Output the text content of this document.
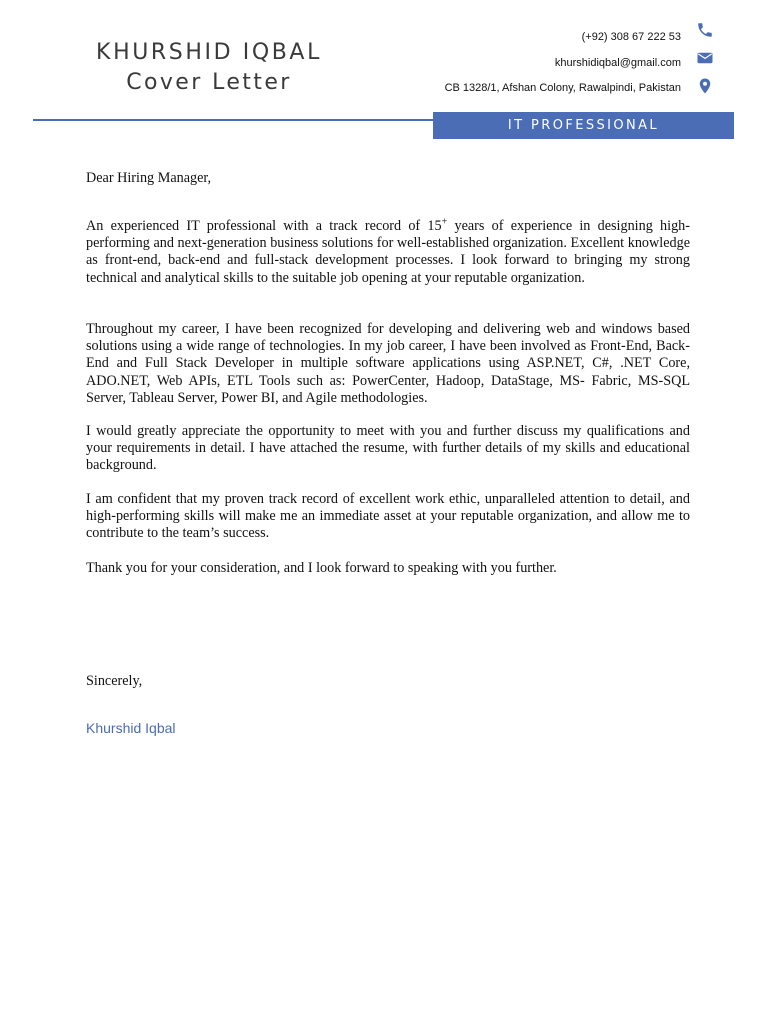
KHURSHID IQBAL
Cover Letter
(+92) 308 67 222 53
khurshidiqbal@gmail.com
CB 1328/1, Afshan Colony, Rawalpindi, Pakistan
IT PROFESSIONAL

Dear Hiring Manager,

An experienced IT professional with a track record of 15+ years of experience in designing high-performing and next-generation business solutions for well-established organization. Excellent knowledge as front-end, back-end and full-stack development processes. I look forward to bringing my strong technical and analytical skills to the suitable job opening at your reputable organization.

Throughout my career, I have been recognized for developing and delivering web and windows based solutions using a wide range of technologies. In my job career, I have been involved as Front-End, Back-End and Full Stack Developer in multiple software applications using ASP.NET, C#, .NET Core, ADO.NET, Web APIs, ETL Tools such as: PowerCenter, Hadoop, DataStage, MS- Fabric, MS-SQL Server, Tableau Server, Power BI, and Agile methodologies.

I would greatly appreciate the opportunity to meet with you and further discuss my qualifications and your requirements in detail. I have attached the resume, with further details of my skills and educational background.

I am confident that my proven track record of excellent work ethic, unparalleled attention to detail, and high-performing skills will make me an immediate asset at your reputable organization, and allow me to contribute to the team’s success.

Thank you for your consideration, and I look forward to speaking with you further.

Sincerely,

Khurshid Iqbal
